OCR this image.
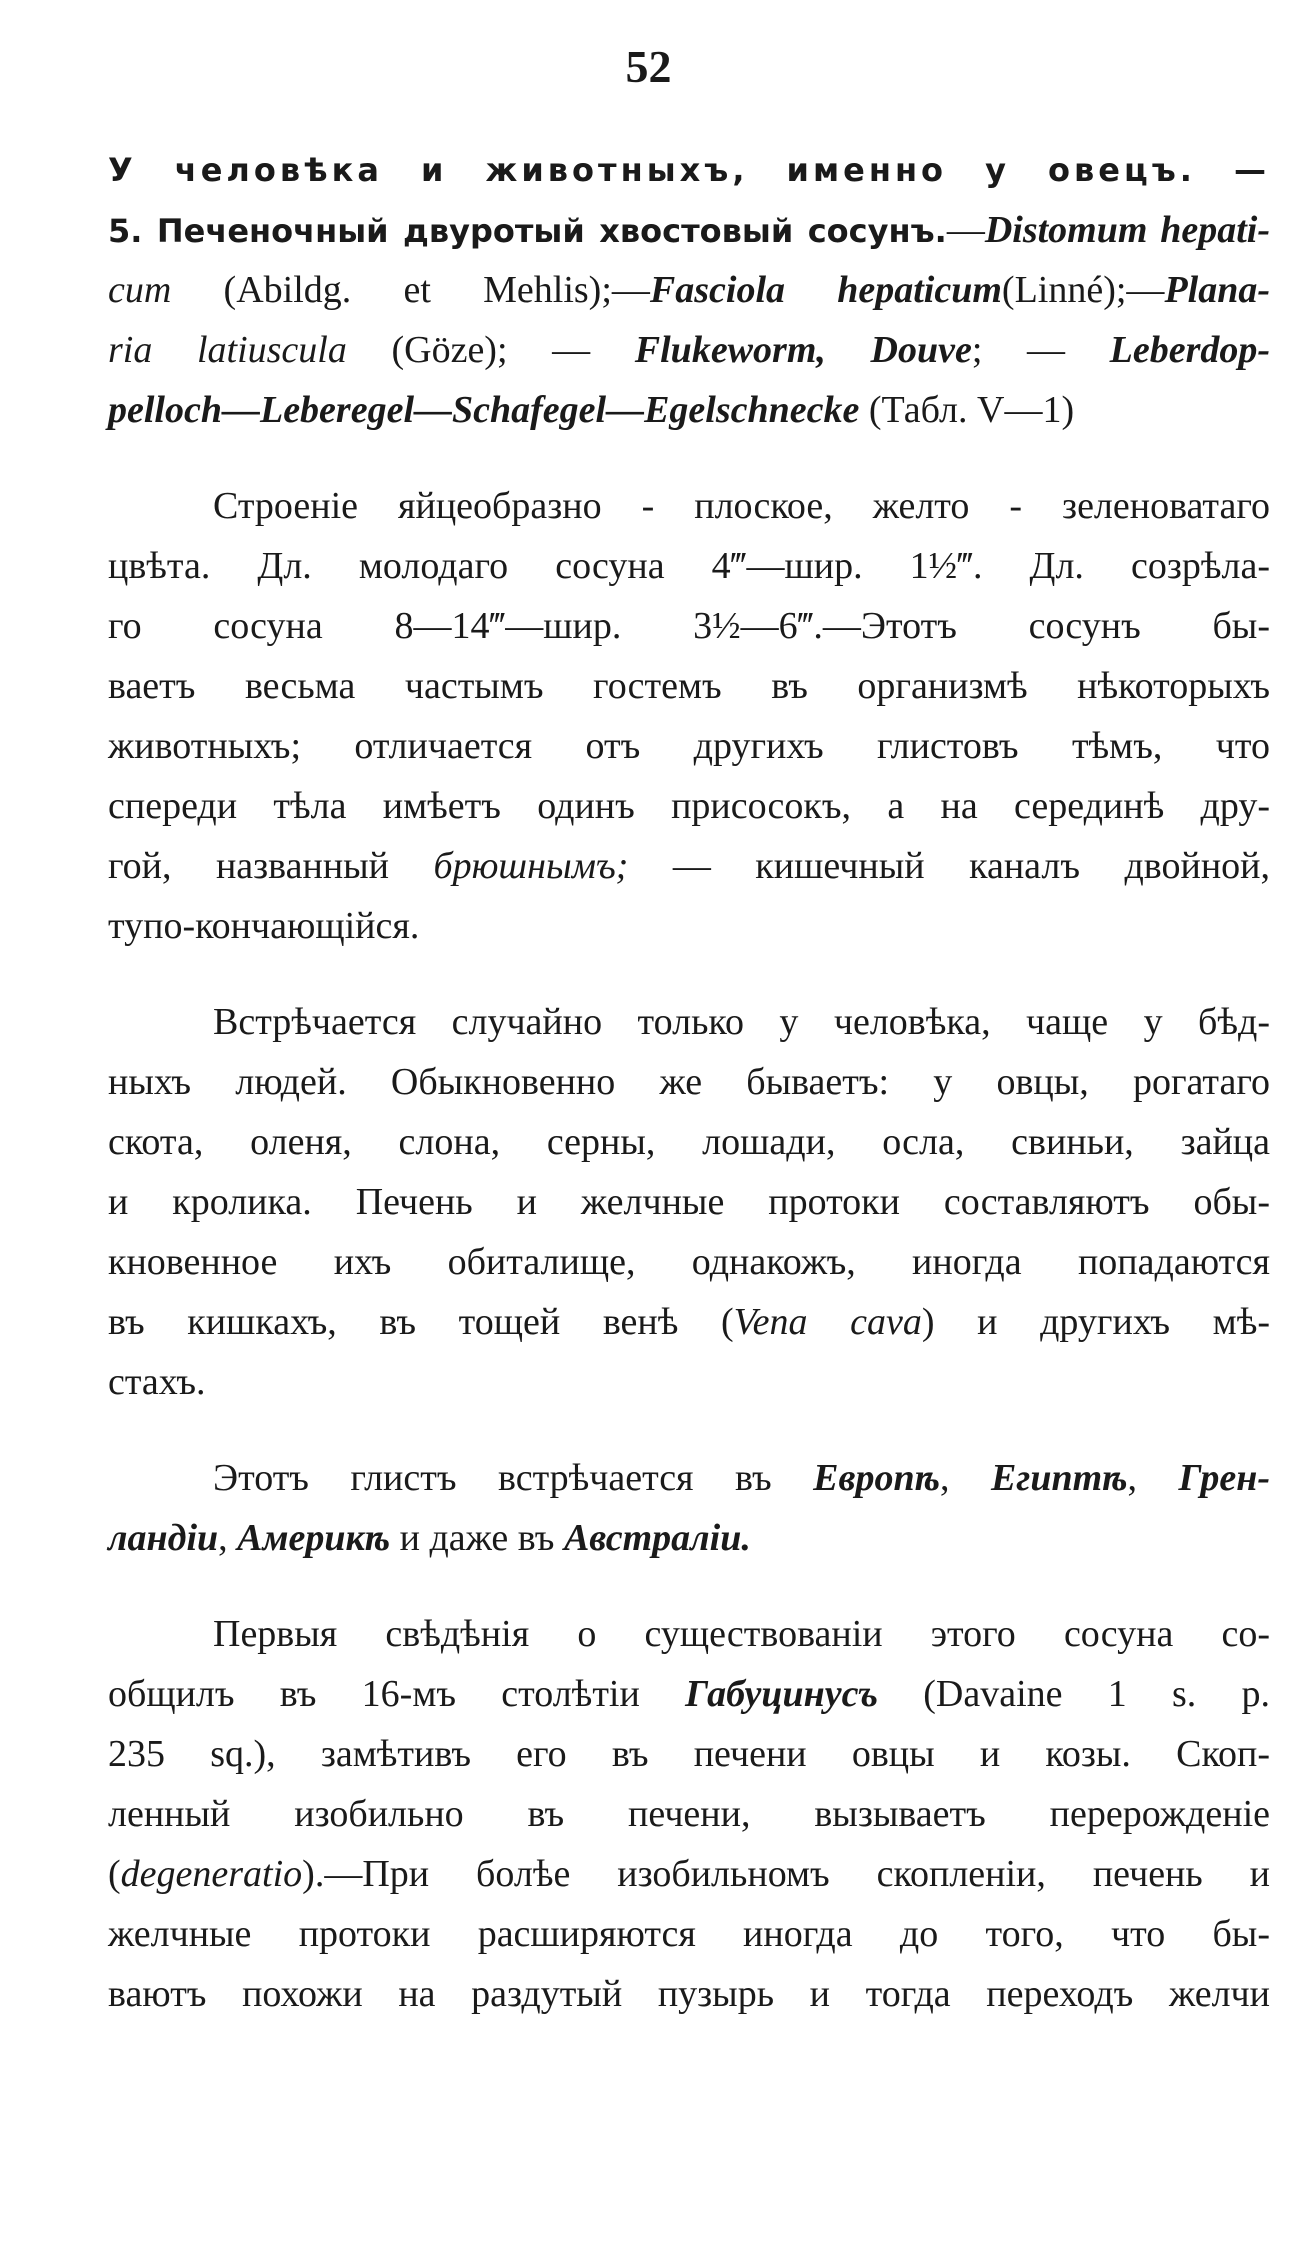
52
У человѣка и животныхъ, именно у овецъ. —
5. Печеночный двуротый хвостовый сосунъ.—Distomum hepati-
cum (Abildg. et Mehlis);—Fasciola hepaticum(Linné);—Plana-
ria latiuscula (Göze); — Flukeworm, Douve; — Leberdop-
pelloch—Leberegel—Schafegel—Egelschnecke (Табл. V—1)
Строеніе яйцеобразно - плоское, желто - зеленоватаго
цвѣта. Дл. молодаго сосуна 4‴—шир. 1½‴. Дл. созрѣла-
го сосуна 8—14‴—шир. 3½—6‴.—Этотъ сосунъ бы-
ваетъ весьма частымъ гостемъ въ организмѣ нѣкоторыхъ
животныхъ; отличается отъ другихъ глистовъ тѣмъ, что
спереди тѣла имѣетъ одинъ присосокъ, а на серединѣ дру-
гой, названный брюшнымъ; — кишечный каналъ двойной,
тупо-кончающійся.
Встрѣчается случайно только у человѣка, чаще у бѣд-
ныхъ людей. Обыкновенно же бываетъ: у овцы, рогатаго
скота, оленя, слона, серны, лошади, осла, свиньи, зайца
и кролика. Печень и желчные протоки составляютъ обы-
кновенное ихъ обиталище, однакожъ, иногда попадаются
въ кишкахъ, въ тощей венѣ (Vena cava) и другихъ мѣ-
стахъ.
Этотъ глистъ встрѣчается въ Европѣ, Египтѣ, Грен-
ландіи, Америкѣ и даже въ Австраліи.
Первыя свѣдѣнія о существованіи этого сосуна со-
общилъ въ 16-мъ столѣтіи Габуцинусъ (Davaine 1 s. p.
235 sq.), замѣтивъ его въ печени овцы и козы. Скоп-
ленный изобильно въ печени, вызываетъ перерожденіе
(degeneratio).—При болѣе изобильномъ скопленіи, печень и
желчные протоки расширяются иногда до того, что бы-
ваютъ похожи на раздутый пузырь и тогда переходъ желчи
